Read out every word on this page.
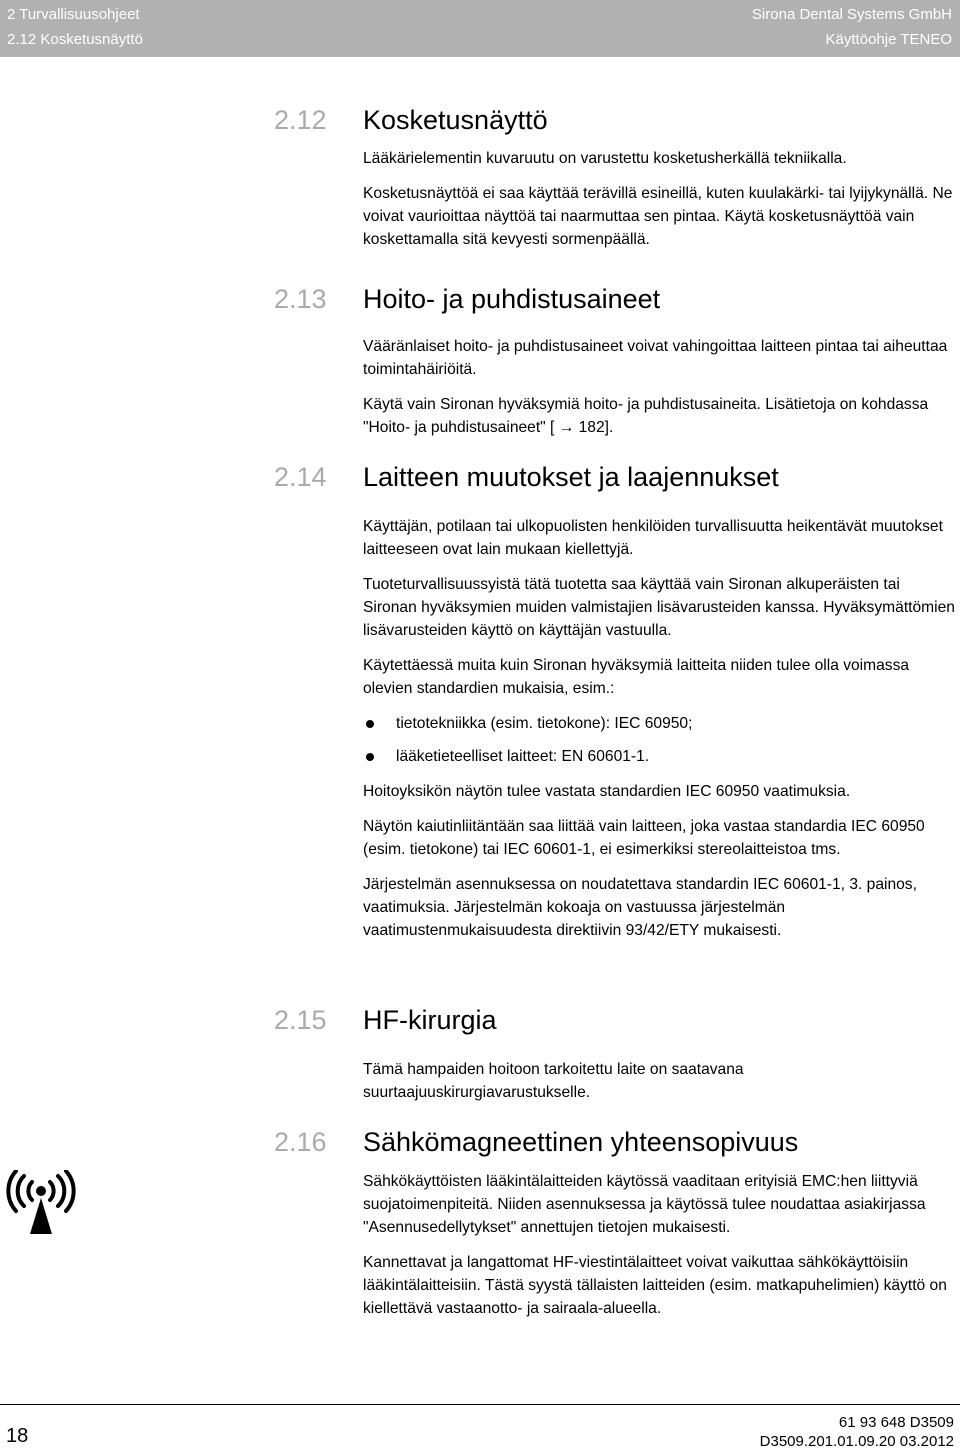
2 Turvallisuusohjeet
2.12 Kosketusnäyttö
Sirona Dental Systems GmbH
Käyttöohje TENEO
2.12	Kosketusnäyttö

Lääkärielementin kuvaruutu on varustettu kosketusherkällä tekniikalla.

Kosketusnäyttöä ei saa käyttää terävillä esineillä, kuten kuulakärki- tai lyijykynällä. Ne voivat vaurioittaa näyttöä tai naarmuttaa sen pintaa. Käytä kosketusnäyttöä vain koskettamalla sitä kevyesti sormenpäällä.

2.13	Hoito- ja puhdistusaineet

Vääränlaiset hoito- ja puhdistusaineet voivat vahingoittaa laitteen pintaa tai aiheuttaa toimintahäiriöitä.

Käytä vain Sironan hyväksymiä hoito- ja puhdistusaineita. Lisätietoja on kohdassa "Hoito- ja puhdistusaineet" [ → 182].

2.14	Laitteen muutokset ja laajennukset

Käyttäjän, potilaan tai ulkopuolisten henkilöiden turvallisuutta heikentävät muutokset laitteeseen ovat lain mukaan kiellettyjä.

Tuoteturvallisuussyistä tätä tuotetta saa käyttää vain Sironan alkuperäisten tai Sironan hyväksymien muiden valmistajien lisävarusteiden kanssa. Hyväksymättömien lisävarusteiden käyttö on käyttäjän vastuulla.

Käytettäessä muita kuin Sironan hyväksymiä laitteita niiden tulee olla voimassa olevien standardien mukaisia, esim.:

tietotekniikka (esim. tietokone): IEC 60950;
lääketieteelliset laitteet: EN 60601-1.

Hoitoyksikön näytön tulee vastata standardien IEC 60950 vaatimuksia.

Näytön kaiutinliitäntään saa liittää vain laitteen, joka vastaa standardia IEC 60950 (esim. tietokone) tai IEC 60601-1, ei esimerkiksi stereolaitteistoa tms.

Järjestelmän asennuksessa on noudatettava standardin IEC 60601-1, 3. painos, vaatimuksia. Järjestelmän kokoaja on vastuussa järjestelmän vaatimustenmukaisuudesta direktiivin 93/42/ETY mukaisesti.

2.15	HF-kirurgia

Tämä hampaiden hoitoon tarkoitettu laite on saatavana suurtaajuuskirurgiavarustukselle.

2.16	Sähkömagneettinen yhteensopivuus

Sähkökäyttöisten lääkintälaitteiden käytössä vaaditaan erityisiä EMC:hen liittyviä suojatoimenpiteitä. Niiden asennuksessa ja käytössä tulee noudattaa asiakirjassa "Asennusedellytykset" annettujen tietojen mukaisesti.

Kannettavat ja langattomat HF-viestintälaitteet voivat vaikuttaa sähkökäyttöisiin lääkintälaitteisiin. Tästä syystä tällaisten laitteiden (esim. matkapuhelimien) käyttö on kiellettävä vastaanotto- ja sairaala-alueella.

18
61 93 648 D3509
D3509.201.01.09.20 03.2012
